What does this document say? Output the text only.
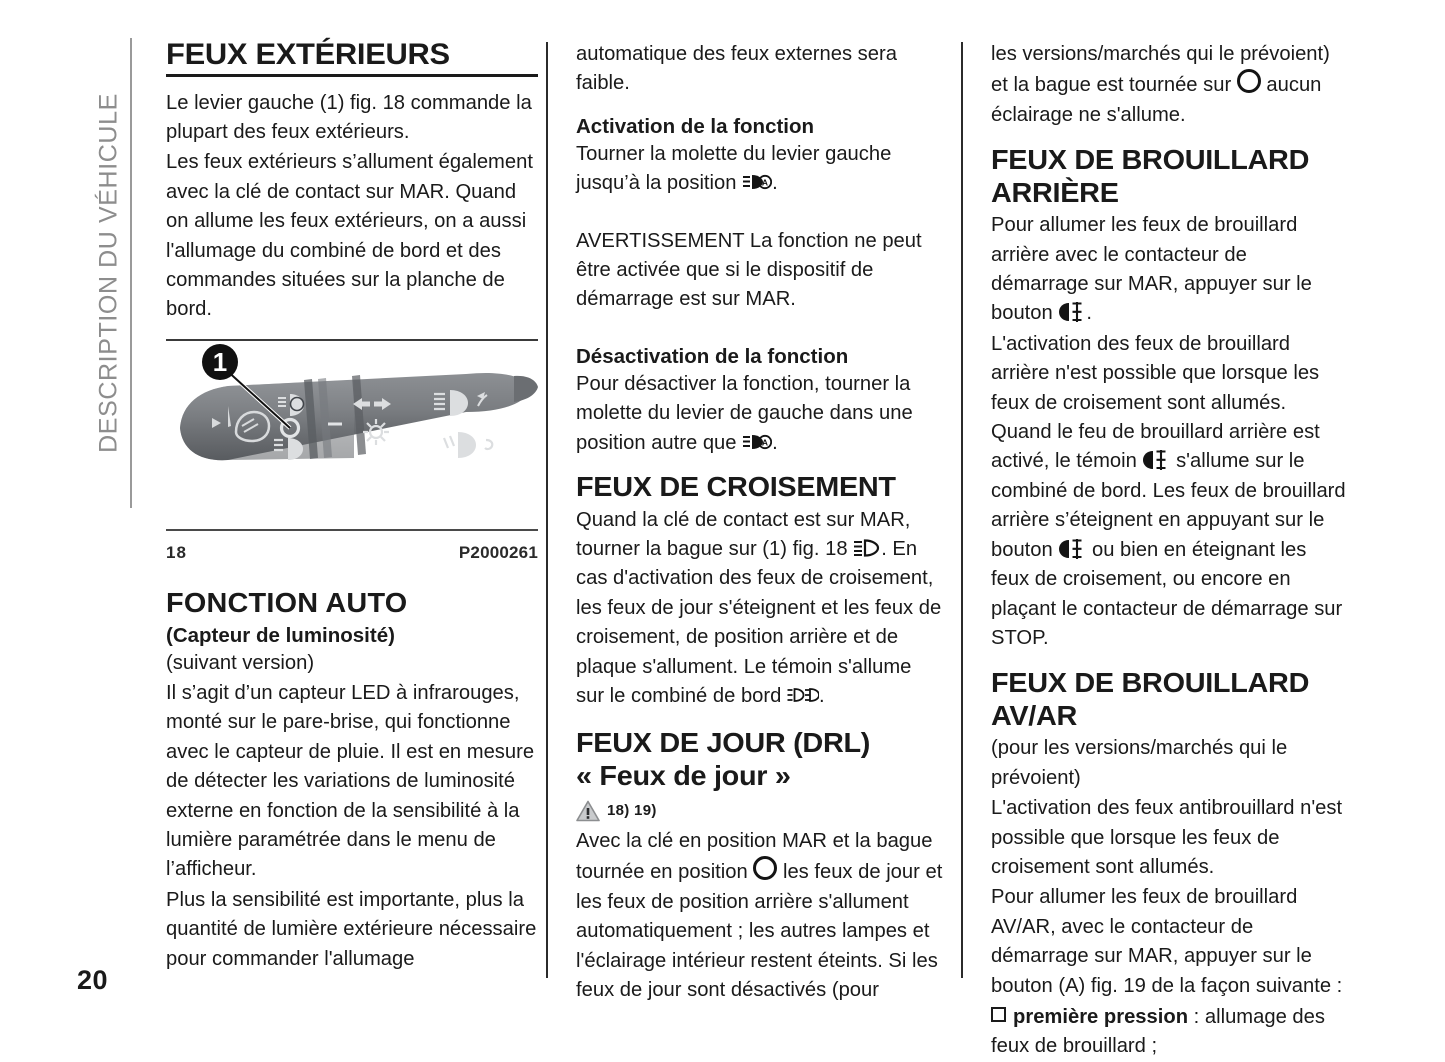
DESCRIPTION DU VÉHICULE
FEUX EXTÉRIEURS

Le levier gauche (1) fig. 18 commande la plupart des feux extérieurs.

Les feux extérieurs s’allument également avec la clé de contact sur MAR. Quand on allume les feux extérieurs, on a aussi l'allumage du combiné de bord et des commandes situées sur la planche de bord.

1
18	P2000261
FONCTION AUTO
(Capteur de luminosité)

(suivant version)

Il s’agit d’un capteur LED à infrarouges, monté sur le pare-brise, qui fonctionne avec le capteur de pluie. Il est en mesure de détecter les variations de luminosité externe en fonction de la sensibilité à la lumière paramétrée dans le menu de l’afficheur.

Plus la sensibilité est importante, plus la quantité de lumière extérieure nécessaire pour commander l'allumage

automatique des feux externes sera faible.

Activation de la fonction

Tourner la molette du levier gauche jusqu’à la position A .

AVERTISSEMENT La fonction ne peut être activée que si le dispositif de démarrage est sur MAR.

Désactivation de la fonction

Pour désactiver la fonction, tourner la molette du levier de gauche dans une position autre que A .

FEUX DE CROISEMENT

Quand la clé de contact est sur MAR, tourner la bague sur (1) fig. 18
. En cas d'activation des feux de croisement, les feux de jour s'éteignent et les feux de croisement, de position arrière et de plaque s'allument. Le témoin s'allume sur le combiné de bord .

FEUX DE JOUR (DRL)
« Feux de jour »
18) 19)

Avec la clé en position MAR et la bague tournée en position  les feux de jour et les feux de position arrière s'allument automatiquement ; les autres lampes et l'éclairage intérieur restent éteints. Si les feux de jour sont désactivés (pour

les versions/marchés qui le prévoient) et la bague est tournée sur  aucun éclairage ne s'allume.

FEUX DE BROUILLARD
ARRIÈRE

Pour allumer les feux de brouillard arrière avec le contacteur de démarrage sur MAR, appuyer sur le bouton
.

L'activation des feux de brouillard arrière n'est possible que lorsque les feux de croisement sont allumés. Quand le feu de brouillard arrière est activé, le témoin
s'allume sur le combiné de bord. Les feux de brouillard arrière s’éteignent en appuyant sur le bouton
ou bien en éteignant les feux de croisement, ou encore en plaçant le contacteur de démarrage sur STOP.

FEUX DE BROUILLARD
AV/AR

(pour les versions/marchés qui le prévoient)

L'activation des feux antibrouillard n'est possible que lorsque les feux de croisement sont allumés.

Pour allumer les feux de brouillard AV/AR, avec le contacteur de démarrage sur MAR, appuyer sur le bouton (A) fig. 19 de la façon suivante :

première pression : allumage des feux de brouillard ;

20
